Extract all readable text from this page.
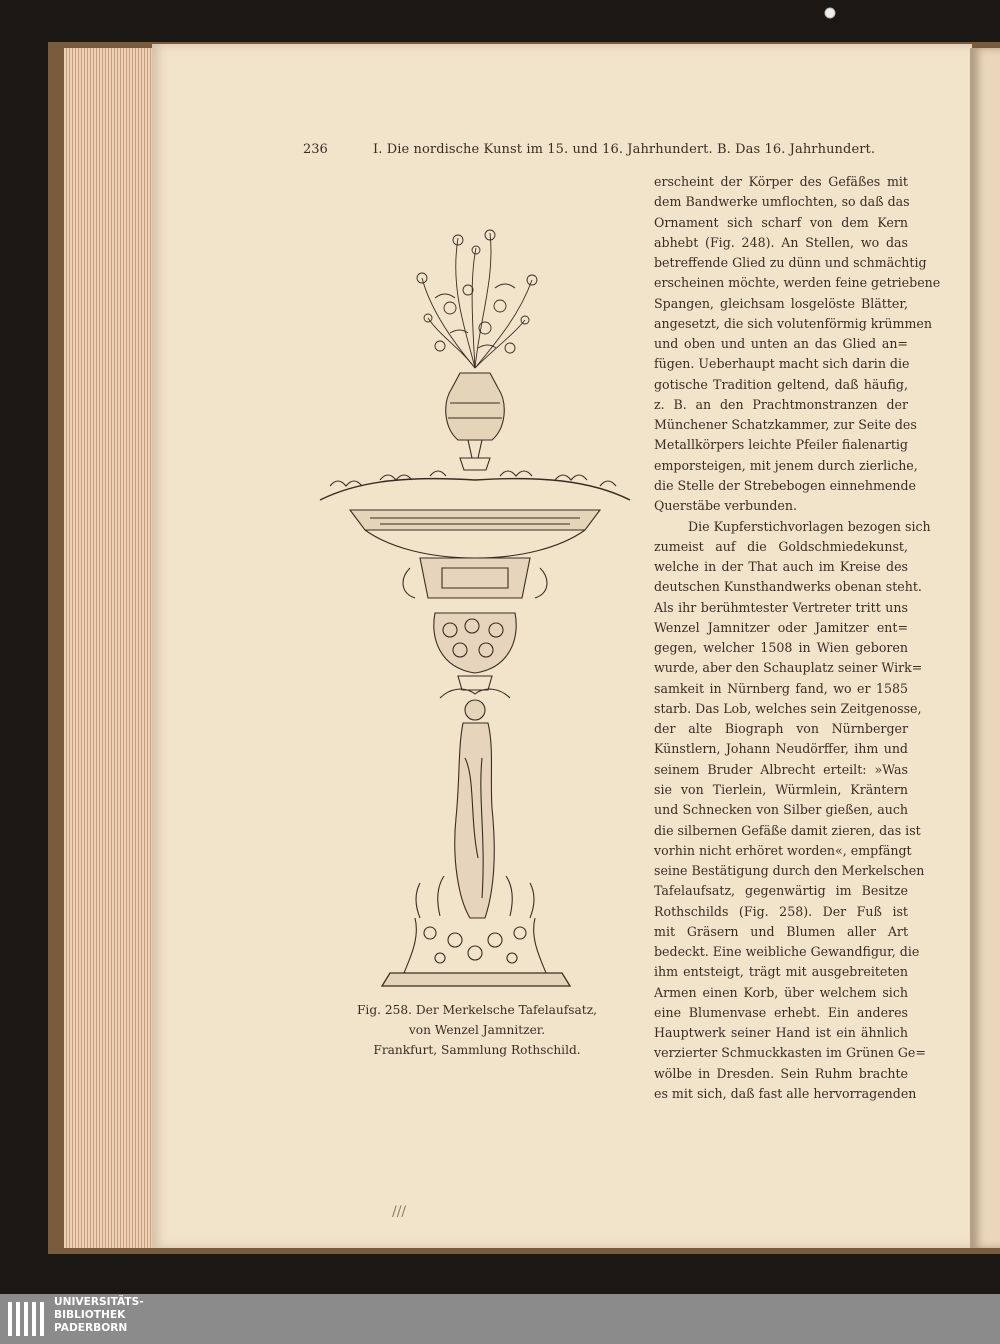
236	I. Die nordische Kunst im 15. und 16. Jahrhundert. B. Das 16. Jahrhundert.
erscheint der Körper des Gefäßes mit
dem Bandwerke umflochten, so daß das
Ornament sich scharf von dem Kern
abhebt (Fig. 248). An Stellen, wo das
betreffende Glied zu dünn und schmächtig
erscheinen möchte, werden feine getriebene
Spangen, gleichsam losgelöste Blätter,
angesetzt, die sich volutenförmig krümmen
und oben und unten an das Glied an=
fügen. Ueberhaupt macht sich darin die
gotische Tradition geltend, daß häufig,
z. B. an den Prachtmonstranzen der
Münchener Schatzkammer, zur Seite des
Metallkörpers leichte Pfeiler fialenartig
emporsteigen, mit jenem durch zierliche,
die Stelle der Strebebogen einnehmende
Querstäbe verbunden.
Die Kupferstichvorlagen bezogen sich
zumeist auf die Goldschmiedekunst,
welche in der That auch im Kreise des
deutschen Kunsthandwerks obenan steht.
Als ihr berühmtester Vertreter tritt uns
Wenzel Jamnitzer oder Jamitzer ent=
gegen, welcher 1508 in Wien geboren
wurde, aber den Schauplatz seiner Wirk=
samkeit in Nürnberg fand, wo er 1585
starb. Das Lob, welches sein Zeitgenosse,
der alte Biograph von Nürnberger
Künstlern, Johann Neudörffer, ihm und
seinem Bruder Albrecht erteilt: »Was
sie von Tierlein, Würmlein, Kräntern
und Schnecken von Silber gießen, auch
die silbernen Gefäße damit zieren, das ist
vorhin nicht erhöret worden«, empfängt
seine Bestätigung durch den Merkelschen
Tafelaufsatz, gegenwärtig im Besitze
Rothschilds (Fig. 258). Der Fuß ist
mit Gräsern und Blumen aller Art
bedeckt. Eine weibliche Gewandfigur, die
ihm entsteigt, trägt mit ausgebreiteten
Armen einen Korb, über welchem sich
eine Blumenvase erhebt. Ein anderes
Hauptwerk seiner Hand ist ein ähnlich
verzierter Schmuckkasten im Grünen Ge=
wölbe in Dresden. Sein Ruhm brachte
es mit sich, daß fast alle hervorragenden
Fig. 258. Der Merkelsche Tafelaufsatz,
von Wenzel Jamnitzer.
Frankfurt, Sammlung Rothschild.
///
UNIVERSITÄTS-
BIBLIOTHEK
PADERBORN
